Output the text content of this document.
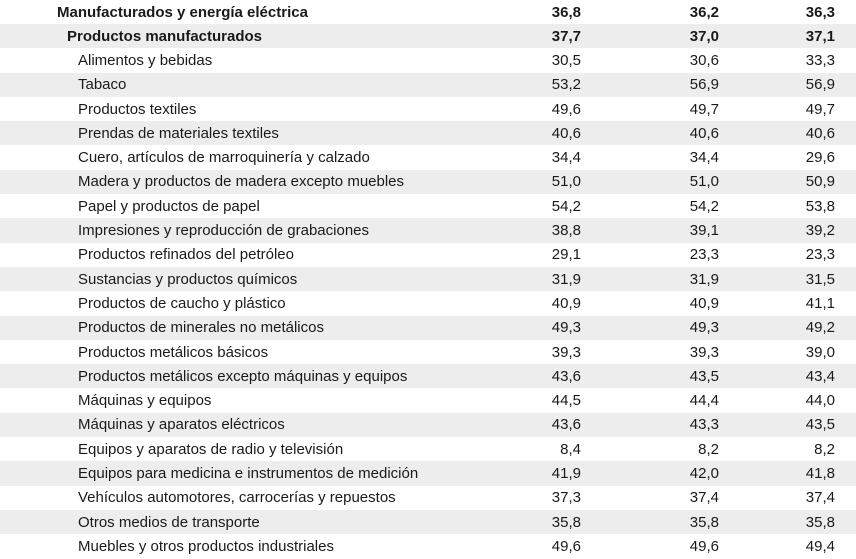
Manufacturados y energía eléctrica	36,8	36,2	36,3
Productos manufacturados	37,7	37,0	37,1
Alimentos y bebidas	30,5	30,6	33,3
Tabaco	53,2	56,9	56,9
Productos textiles	49,6	49,7	49,7
Prendas de materiales textiles	40,6	40,6	40,6
Cuero, artículos de marroquinería y calzado	34,4	34,4	29,6
Madera y productos de madera excepto muebles	51,0	51,0	50,9
Papel y productos de papel	54,2	54,2	53,8
Impresiones y reproducción de grabaciones	38,8	39,1	39,2
Productos refinados del petróleo	29,1	23,3	23,3
Sustancias y productos químicos	31,9	31,9	31,5
Productos de caucho y plástico	40,9	40,9	41,1
Productos de minerales no metálicos	49,3	49,3	49,2
Productos metálicos básicos	39,3	39,3	39,0
Productos metálicos excepto máquinas y equipos	43,6	43,5	43,4
Máquinas y equipos	44,5	44,4	44,0
Máquinas y aparatos eléctricos	43,6	43,3	43,5
Equipos y aparatos de radio y televisión	8,4	8,2	8,2
Equipos para medicina e instrumentos de medición	41,9	42,0	41,8
Vehículos automotores, carrocerías y repuestos	37,3	37,4	37,4
Otros medios de transporte	35,8	35,8	35,8
Muebles y otros productos industriales	49,6	49,6	49,4
